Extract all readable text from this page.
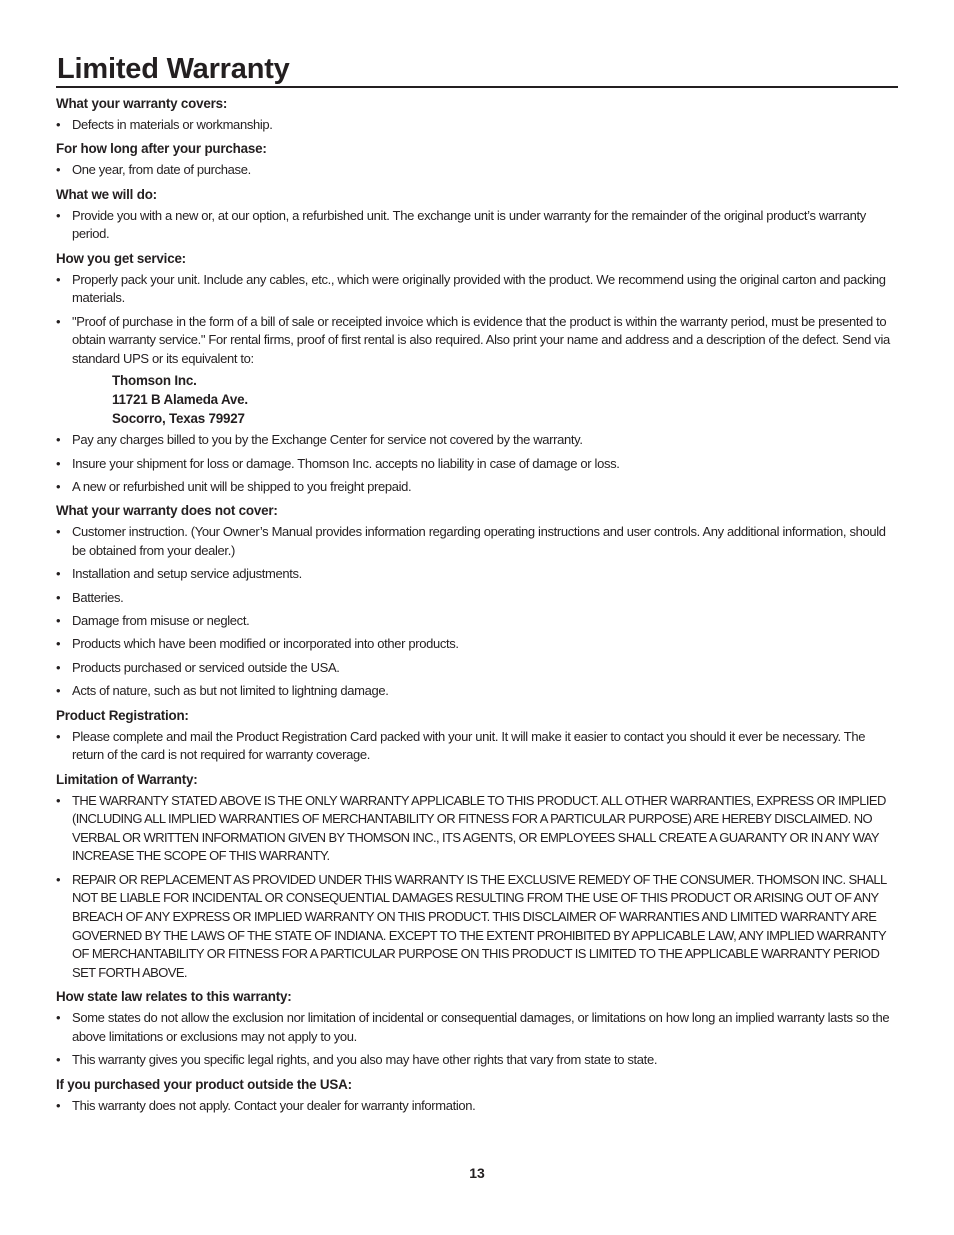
Limited Warranty
What your warranty covers:
• Defects in materials or workmanship.
For how long after your purchase:
• One year, from date of purchase.
What we will do:
• Provide you with a new or, at our option, a refurbished unit. The exchange unit is under warranty for the remainder of the original product’s warranty period.
How you get service:
• Properly pack your unit. Include any cables, etc., which were originally provided with the product. We recommend using the original carton and packing materials.
• "Proof of purchase in the form of a bill of sale or receipted invoice which is evidence that the product is within the warranty period, must be presented to obtain warranty service." For rental firms, proof of first rental is also required. Also print your name and address and a description of the defect. Send via standard UPS or its equivalent to:
Thomson Inc.
11721 B Alameda Ave.
Socorro, Texas 79927
• Pay any charges billed to you by the Exchange Center for service not covered by the warranty.
• Insure your shipment for loss or damage. Thomson Inc. accepts no liability in case of damage or loss.
• A new or refurbished unit will be shipped to you freight prepaid.
What your warranty does not cover:
• Customer instruction. (Your Owner’s Manual provides information regarding operating instructions and user controls. Any additional information, should be obtained from your dealer.)
• Installation and setup service adjustments.
• Batteries.
• Damage from misuse or neglect.
• Products which have been modified or incorporated into other products.
• Products purchased or serviced outside the USA.
• Acts of nature, such as but not limited to lightning damage.
Product Registration:
• Please complete and mail the Product Registration Card packed with your unit. It will make it easier to contact you should it ever be necessary. The return of the card is not required for warranty coverage.
Limitation of Warranty:
• THE WARRANTY STATED ABOVE IS THE ONLY WARRANTY APPLICABLE TO THIS PRODUCT. ALL OTHER WARRANTIES, EXPRESS OR IMPLIED (INCLUDING ALL IMPLIED WARRANTIES OF MERCHANTABILITY OR FITNESS FOR A PARTICULAR PURPOSE) ARE HEREBY DISCLAIMED. NO VERBAL OR WRITTEN INFORMATION GIVEN BY THOMSON INC., ITS AGENTS, OR EMPLOYEES SHALL CREATE A GUARANTY OR IN ANY WAY INCREASE THE SCOPE OF THIS WARRANTY.
• REPAIR OR REPLACEMENT AS PROVIDED UNDER THIS WARRANTY IS THE EXCLUSIVE REMEDY OF THE CONSUMER. THOMSON INC. SHALL NOT BE LIABLE FOR INCIDENTAL OR CONSEQUENTIAL DAMAGES RESULTING FROM THE USE OF THIS PRODUCT OR ARISING OUT OF ANY BREACH OF ANY EXPRESS OR IMPLIED WARRANTY ON THIS PRODUCT. THIS DISCLAIMER OF WARRANTIES AND LIMITED WARRANTY ARE GOVERNED BY THE LAWS OF THE STATE OF INDIANA. EXCEPT TO THE EXTENT PROHIBITED BY APPLICABLE LAW, ANY IMPLIED WARRANTY OF MERCHANTABILITY OR FITNESS FOR A PARTICULAR PURPOSE ON THIS PRODUCT IS LIMITED TO THE APPLICABLE WARRANTY PERIOD SET FORTH ABOVE.
How state law relates to this warranty:
• Some states do not allow the exclusion nor limitation of incidental or consequential damages, or limitations on how long an implied warranty lasts so the above limitations or exclusions may not apply to you.
• This warranty gives you specific legal rights, and you also may have other rights that vary from state to state.
If you purchased your product outside the USA:
• This warranty does not apply. Contact your dealer for warranty information.
13
